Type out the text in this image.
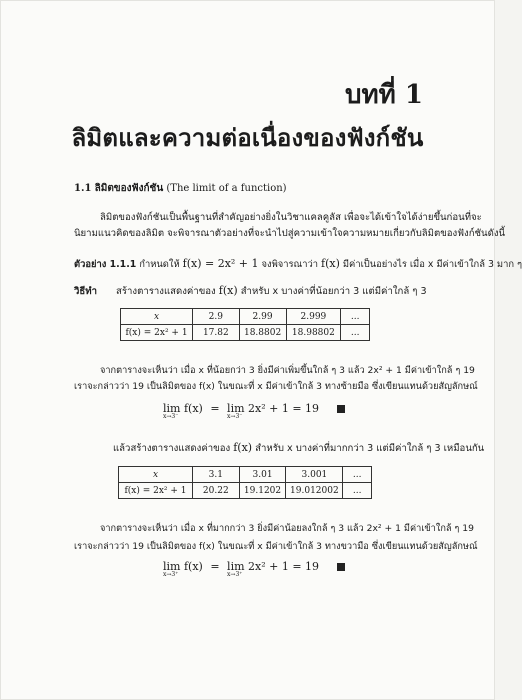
บทที่ 1
ลิมิตและความต่อเนื่องของฟังก์ชัน
1.1 ลิมิตของฟังก์ชัน (The limit of a function)
ลิมิตของฟังก์ชันเป็นพื้นฐานที่สำคัญอย่างยิ่งในวิชาแคลคูลัส เพื่อจะได้เข้าใจได้ง่ายขึ้นก่อนที่จะ
นิยามแนวคิดของลิมิต จะพิจารณาตัวอย่างที่จะนำไปสู่ความเข้าใจความหมายเกี่ยวกับลิมิตของฟังก์ชันดังนี้
ตัวอย่าง 1.1.1 กำหนดให้ f(x) = 2x² + 1 จงพิจารณาว่า f(x) มีค่าเป็นอย่างไร เมื่อ x มีค่าเข้าใกล้ 3 มาก ๆ
วิธีทำ สร้างตารางแสดงค่าของ f(x) สำหรับ x บางค่าที่น้อยกว่า 3 แต่มีค่าใกล้ ๆ 3
x	2.9	2.99	2.999	...
f(x) = 2x² + 1	17.82	18.8802	18.98802	...
จากตารางจะเห็นว่า เมื่อ x ที่น้อยกว่า 3 ยิ่งมีค่าเพิ่มขึ้นใกล้ ๆ 3 แล้ว 2x² + 1 มีค่าเข้าใกล้ ๆ 19
เราจะกล่าวว่า 19 เป็นลิมิตของ f(x) ในขณะที่ x มีค่าเข้าใกล้ 3 ทางซ้ายมือ ซึ่งเขียนแทนด้วยสัญลักษณ์
lim f(x)
x→3⁻
= lim 2x² + 1 = 19
x→3⁻

แล้วสร้างตารางแสดงค่าของ f(x) สำหรับ x บางค่าที่มากกว่า 3 แต่มีค่าใกล้ ๆ 3 เหมือนกัน
x	3.1	3.01	3.001	...
f(x) = 2x² + 1	20.22	19.1202	19.012002	...
จากตารางจะเห็นว่า เมื่อ x ที่มากกว่า 3 ยิ่งมีค่าน้อยลงใกล้ ๆ 3 แล้ว 2x² + 1 มีค่าเข้าใกล้ ๆ 19
เราจะกล่าวว่า 19 เป็นลิมิตของ f(x) ในขณะที่ x มีค่าเข้าใกล้ 3 ทางขวามือ ซึ่งเขียนแทนด้วยสัญลักษณ์
lim f(x)
x→3⁺
= lim 2x² + 1 = 19
x→3⁺
